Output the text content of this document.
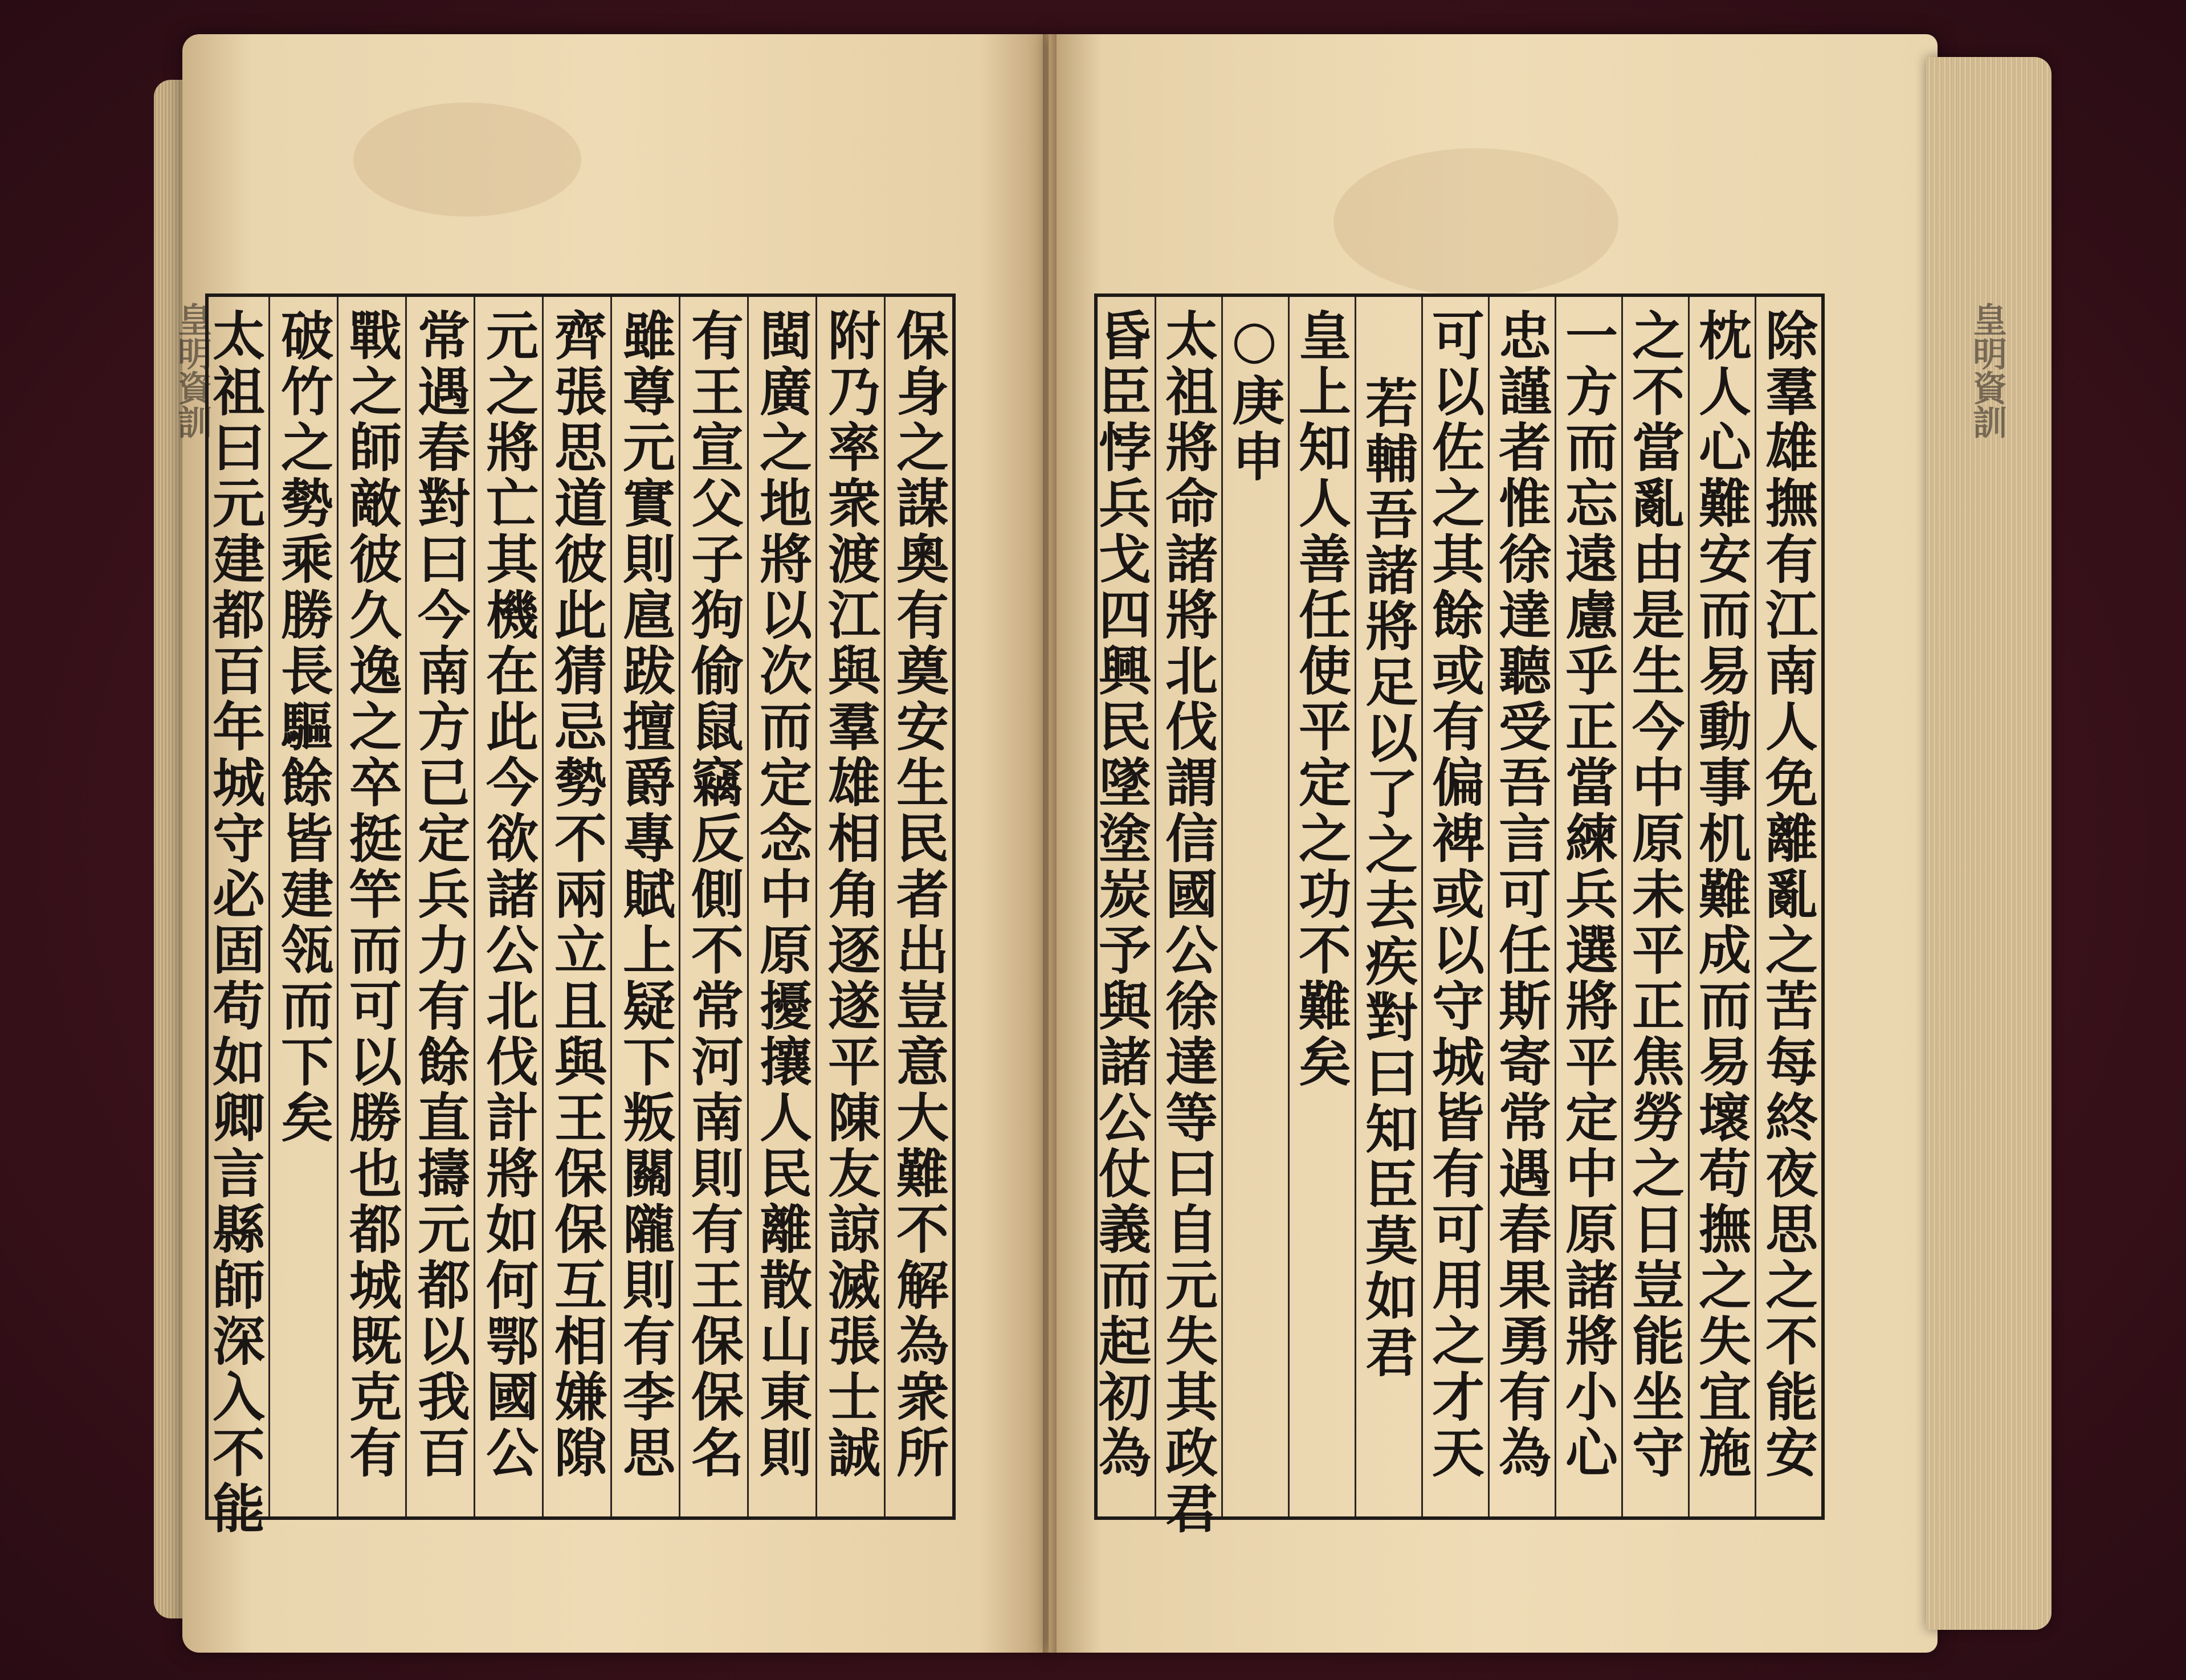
皇明資訓	皇明資訓
保身之謀奧有奠安生民者出豈意大難不解為衆所
附乃率衆渡江與羣雄相角逐遂平陳友諒滅張士誠
閩廣之地將以次而定念中原擾攘人民離散山東則
有王宣父子狗偷鼠竊反側不常河南則有王保保名
雖尊元實則扈跋擅爵專賦上疑下叛關隴則有李思
齊張思道彼此猜忌勢不兩立且與王保保互相嫌隙
元之將亡其機在此今欲諸公北伐計將如何鄂國公
常遇春對曰今南方已定兵力有餘直擣元都以我百
戰之師敵彼久逸之卒挺竿而可以勝也都城既克有
破竹之勢乘勝長驅餘皆建瓴而下矣
太祖曰元建都百年城守必固苟如卿言縣師深入不能	除羣雄撫有江南人免離亂之苦每終夜思之不能安
枕人心難安而易動事机難成而易壞苟撫之失宜施
之不當亂由是生今中原未平正焦勞之日豈能坐守
一方而忘遠慮乎正當練兵選將平定中原諸將小心
忠謹者惟徐達聽受吾言可任斯寄常遇春果勇有為
可以佐之其餘或有偏裨或以守城皆有可用之才天
若輔吾諸將足以了之去疾對曰知臣莫如君
皇上知人善任使平定之功不難矣
○庚申
太祖將命諸將北伐謂信國公徐達等曰自元失其政君
昏臣悖兵戈四興民墜塗炭予與諸公仗義而起初為
